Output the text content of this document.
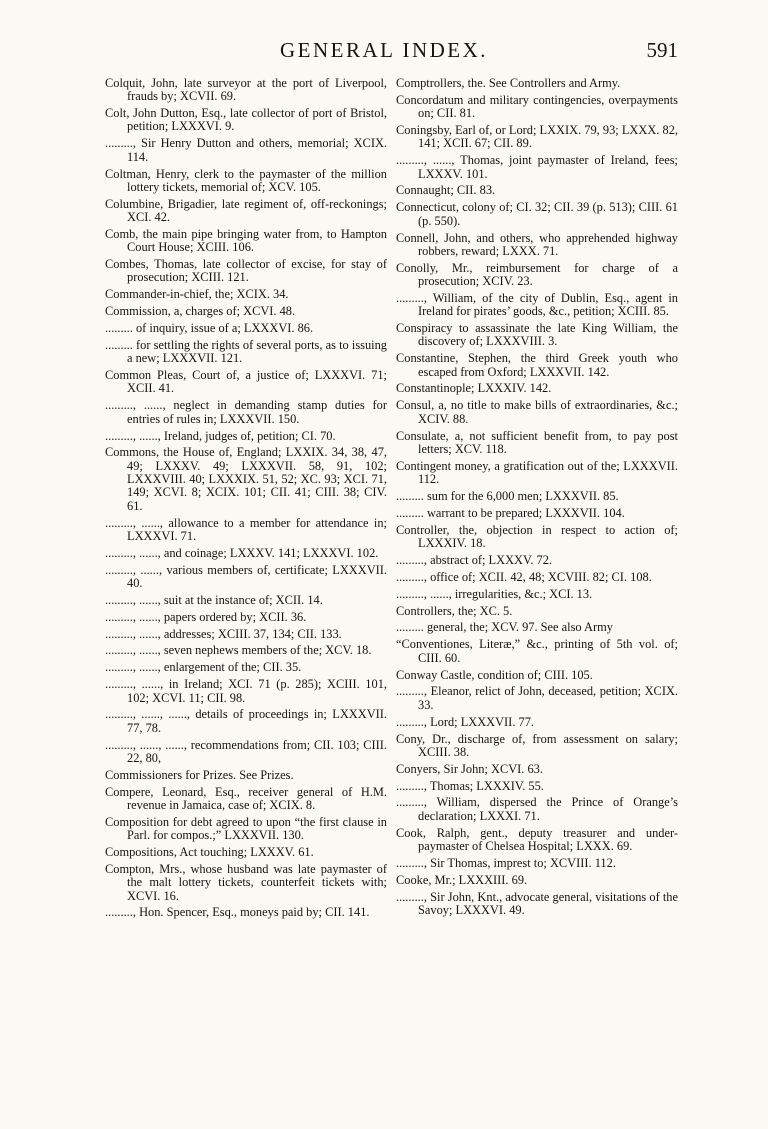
GENERAL INDEX.	591
Colquit, John, late surveyor at the port of Liverpool, frauds by; XCVII. 69.
Colt, John Dutton, Esq., late collector of port of Bristol, petition; LXXXVI. 9.
........., Sir Henry Dutton and others, memorial; XCIX. 114.
Coltman, Henry, clerk to the paymaster of the million lottery tickets, memorial of; XCV. 105.
Columbine, Brigadier, late regiment of, off-reckonings; XCI. 42.
Comb, the main pipe bringing water from, to Hampton Court House; XCIII. 106.
Combes, Thomas, late collector of excise, for stay of prosecution; XCIII. 121.
Commander-in-chief, the; XCIX. 34.
Commission, a, charges of; XCVI. 48.
......... of inquiry, issue of a; LXXXVI. 86.
......... for settling the rights of several ports, as to issuing a new; LXXXVII. 121.
Common Pleas, Court of, a justice of; LXXXVI. 71; XCII. 41.
........., ......, neglect in demanding stamp duties for entries of rules in; LXXXVII. 150.
........., ......, Ireland, judges of, petition; CI. 70.
Commons, the House of, England; LXXIX. 34, 38, 47, 49; LXXXV. 49; LXXXVII. 58, 91, 102; LXXXVIII. 40; LXXXIX. 51, 52; XC. 93; XCI. 71, 149; XCVI. 8; XCIX. 101; CII. 41; CIII. 38; CIV. 61.
........., ......, allowance to a member for attendance in; LXXXVI. 71.
........., ......, and coinage; LXXXV. 141; LXXXVI. 102.
........., ......, various members of, certificate; LXXXVII. 40.
........., ......, suit at the instance of; XCII. 14.
........., ......, papers ordered by; XCII. 36.
........., ......, addresses; XCIII. 37, 134; CII. 133.
........., ......, seven nephews members of the; XCV. 18.
........., ......, enlargement of the; CII. 35.
........., ......, in Ireland; XCI. 71 (p. 285); XCIII. 101, 102; XCVI. 11; CII. 98.
........., ......, ......, details of proceedings in; LXXXVII. 77, 78.
........., ......, ......, recommendations from; CII. 103; CIII. 22, 80,
Commissioners for Prizes. See Prizes.
Compere, Leonard, Esq., receiver general of H.M. revenue in Jamaica, case of; XCIX. 8.
Composition for debt agreed to upon “the first clause in Parl. for compos.;” LXXXVII. 130.
Compositions, Act touching; LXXXV. 61.
Compton, Mrs., whose husband was late paymaster of the malt lottery tickets, counterfeit tickets with; XCVI. 16.
........., Hon. Spencer, Esq., moneys paid by; CII. 141.
Comptrollers, the. See Controllers and Army.
Concordatum and military contingencies, overpayments on; CII. 81.
Coningsby, Earl of, or Lord; LXXIX. 79, 93; LXXX. 82, 141; XCII. 67; CII. 89.
........., ......, Thomas, joint paymaster of Ireland, fees; LXXXV. 101.
Connaught; CII. 83.
Connecticut, colony of; CI. 32; CII. 39 (p. 513); CIII. 61 (p. 550).
Connell, John, and others, who apprehended highway robbers, reward; LXXX. 71.
Conolly, Mr., reimbursement for charge of a prosecution; XCIV. 23.
........., William, of the city of Dublin, Esq., agent in Ireland for pirates’ goods, &c., petition; XCIII. 85.
Conspiracy to assassinate the late King William, the discovery of; LXXXVIII. 3.
Constantine, Stephen, the third Greek youth who escaped from Oxford; LXXXVII. 142.
Constantinople; LXXXIV. 142.
Consul, a, no title to make bills of extraordinaries, &c.; XCIV. 88.
Consulate, a, not sufficient benefit from, to pay post letters; XCV. 118.
Contingent money, a gratification out of the; LXXXVII. 112.
......... sum for the 6,000 men; LXXXVII. 85.
......... warrant to be prepared; LXXXVII. 104.
Controller, the, objection in respect to action of; LXXXIV. 18.
........., abstract of; LXXXV. 72.
........., office of; XCII. 42, 48; XCVIII. 82; CI. 108.
........., ......, irregularities, &c.; XCI. 13.
Controllers, the; XC. 5.
......... general, the; XCV. 97. See also Army
“Conventiones, Literæ,” &c., printing of 5th vol. of; CIII. 60.
Conway Castle, condition of; CIII. 105.
........., Eleanor, relict of John, deceased, petition; XCIX. 33.
........., Lord; LXXXVII. 77.
Cony, Dr., discharge of, from assessment on salary; XCIII. 38.
Conyers, Sir John; XCVI. 63.
........., Thomas; LXXXIV. 55.
........., William, dispersed the Prince of Orange’s declaration; LXXXI. 71.
Cook, Ralph, gent., deputy treasurer and under-paymaster of Chelsea Hospital; LXXX. 69.
........., Sir Thomas, imprest to; XCVIII. 112.
Cooke, Mr.; LXXXIII. 69.
........., Sir John, Knt., advocate general, visitations of the Savoy; LXXXVI. 49.
